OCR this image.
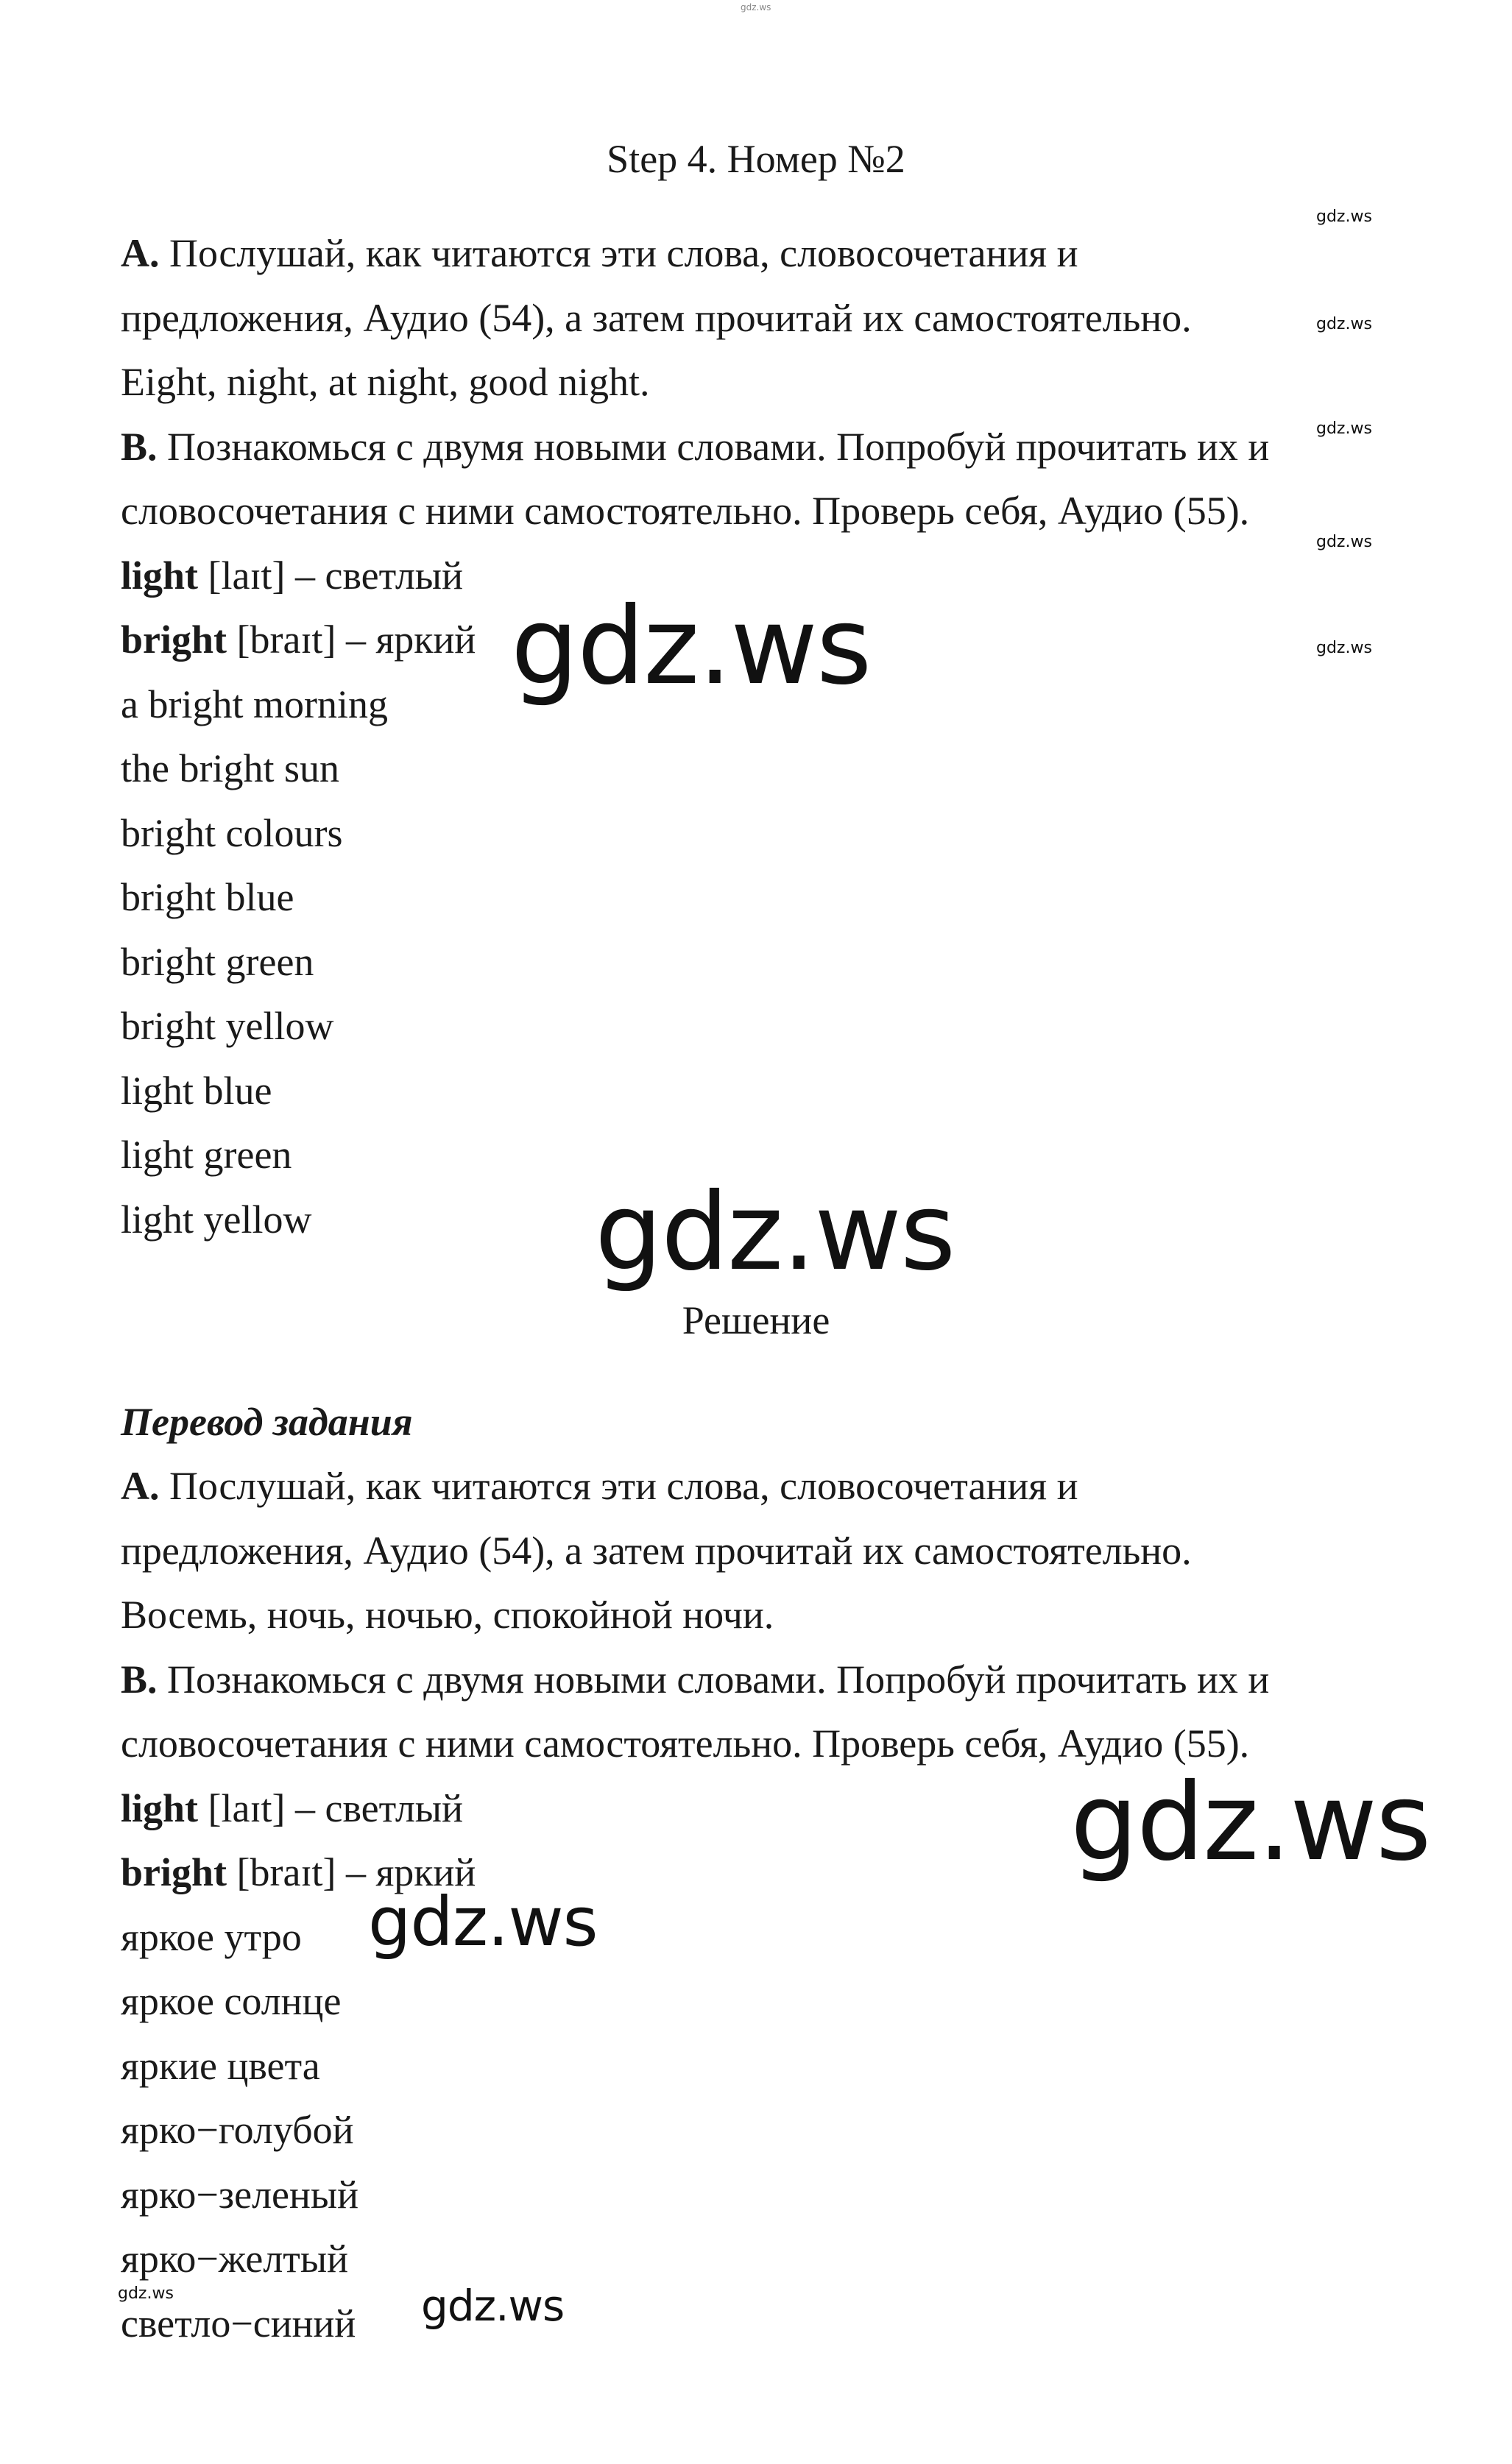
gdz.ws
Step 4. Номер №2
A. Послушай, как читаются эти слова, словосочетания и
предложения, Аудио (54), а затем прочитай их самостоятельно.
Eight, night, at night, good night.
B. Познакомься с двумя новыми словами. Попробуй прочитать их и
словосочетания с ними самостоятельно. Проверь себя, Аудио (55).
light [laɪt] – светлый
bright [braɪt] – яркий
a bright morning
the bright sun
bright colours
bright blue
bright green
bright yellow
light blue
light green
light yellow
Решение
Перевод задания
A. Послушай, как читаются эти слова, словосочетания и
предложения, Аудио (54), а затем прочитай их самостоятельно.
Восемь, ночь, ночью, спокойной ночи.
B. Познакомься с двумя новыми словами. Попробуй прочитать их и
словосочетания с ними самостоятельно. Проверь себя, Аудио (55).
light [laɪt] – светлый
bright [braɪt] – яркий
яркое утро
яркое солнце
яркие цвета
ярко−голубой
ярко−зеленый
ярко−желтый
светло−синий
gdz.ws
gdz.ws
gdz.ws
gdz.ws
gdz.ws
gdz.ws
gdz.ws
gdz.ws
gdz.ws
gdz.ws
gdz.ws
